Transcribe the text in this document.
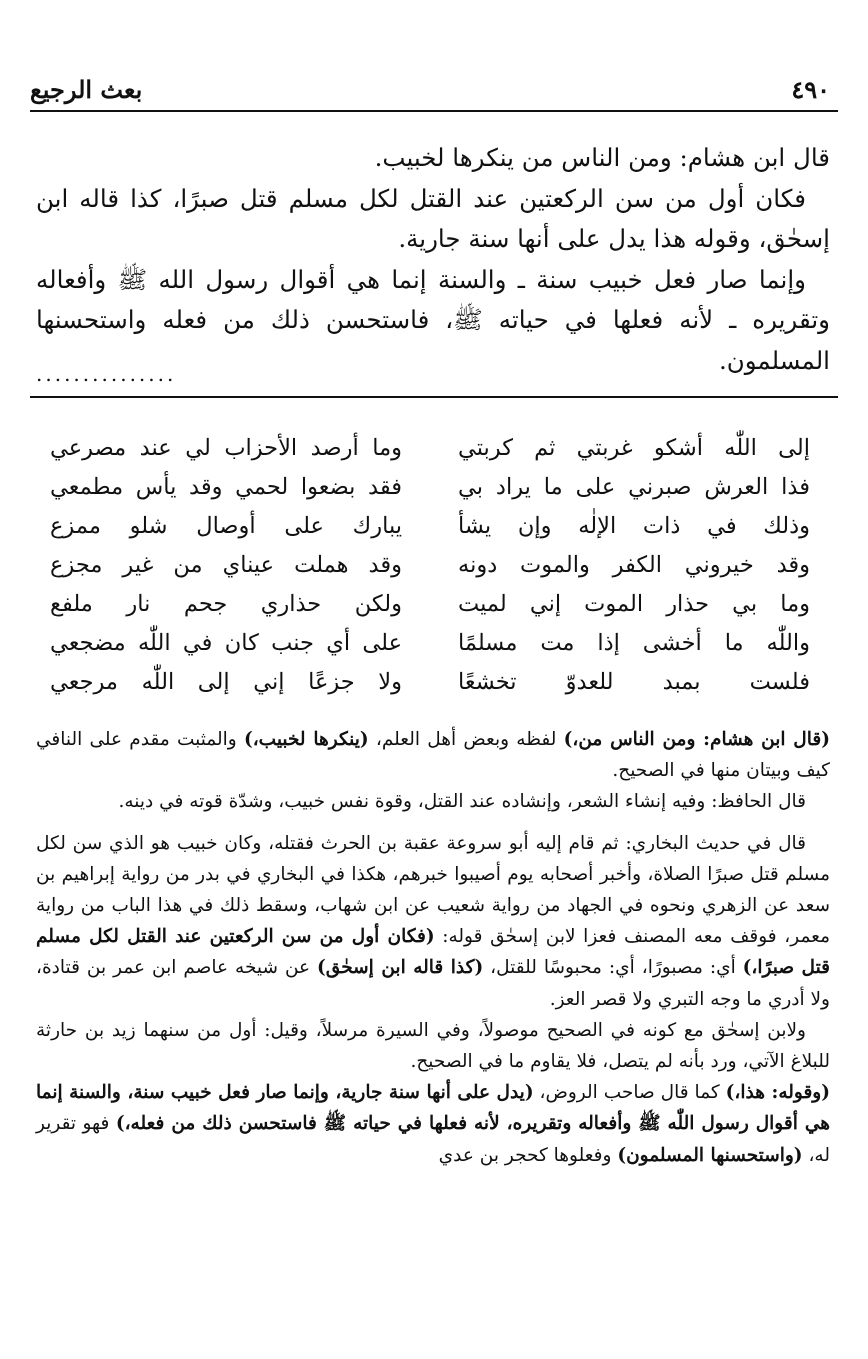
٤٩٠
بعث الرجيع

قال ابن هشام: ومن الناس من ينكرها لخبيب.

فكان أول من سن الركعتين عند القتل لكل مسلم قتل صبرًا، كذا قاله ابن إسحٰق، وقوله هذا يدل على أنها سنة جارية.

وإنما صار فعل خبيب سنة ـ والسنة إنما هي أقوال رسول الله ﷺ وأفعاله وتقريره ـ لأنه فعلها في حياته ﷺ، فاستحسن ذلك من فعله واستحسنها المسلمون.

...............
إلى اللّٰه أشكو غربتي ثم كربتي
وما أرصد الأحزاب لي عند مصرعي
فذا العرش صبرني على ما يراد بي
فقد بضعوا لحمي وقد يأس مطمعي
وذلك في ذات الإلٰه وإن يشأ
يبارك على أوصال شلو ممزع
وقد خيروني الكفر والموت دونه
وقد هملت عيناي من غير مجزع
وما بي حذار الموت إني لميت
ولكن حذاري جحم نار ملفع
واللّٰه ما أخشى إذا مت مسلمًا
على أي جنب كان في اللّٰه مضجعي
فلست بمبد للعدوّ تخشعًا
ولا جزعًا إني إلى اللّٰه مرجعي

(قال ابن هشام: ومن الناس من،) لفظه وبعض أهل العلم، (ينكرها لخبيب،) والمثبت مقدم على النافي كيف وبيتان منها في الصحيح.

قال الحافظ: وفيه إنشاء الشعر، وإنشاده عند القتل، وقوة نفس خبيب، وشدّة قوته في دينه.

قال في حديث البخاري: ثم قام إليه أبو سروعة عقبة بن الحرث فقتله، وكان خبيب هو الذي سن لكل مسلم قتل صبرًا الصلاة، وأخبر أصحابه يوم أصيبوا خبرهم، هكذا في البخاري في بدر من رواية إبراهيم بن سعد عن الزهري ونحوه في الجهاد من رواية شعيب عن ابن شهاب، وسقط ذلك في هذا الباب من رواية معمر، فوقف معه المصنف فعزا لابن إسحٰق قوله: (فكان أول من سن الركعتين عند القتل لكل مسلم قتل صبرًا،) أي: مصبورًا، أي: محبوسًا للقتل، (كذا قاله ابن إسحٰق) عن شيخه عاصم ابن عمر بن قتادة، ولا أدري ما وجه التبري ولا قصر العز.

ولابن إسحٰق مع كونه في الصحيح موصولاً، وفي السيرة مرسلاً، وقيل: أول من سنهما زيد بن حارثة للبلاغ الآتي، ورد بأنه لم يتصل، فلا يقاوم ما في الصحيح.

(وقوله: هذا،) كما قال صاحب الروض، (يدل على أنها سنة جارية، وإنما صار فعل خبيب سنة، والسنة إنما هي أقوال رسول اللّٰه ﷺ وأفعاله وتقريره، لأنه فعلها في حياته ﷺ فاستحسن ذلك من فعله،) فهو تقرير له، (واستحسنها المسلمون) وفعلوها كحجر بن عدي
